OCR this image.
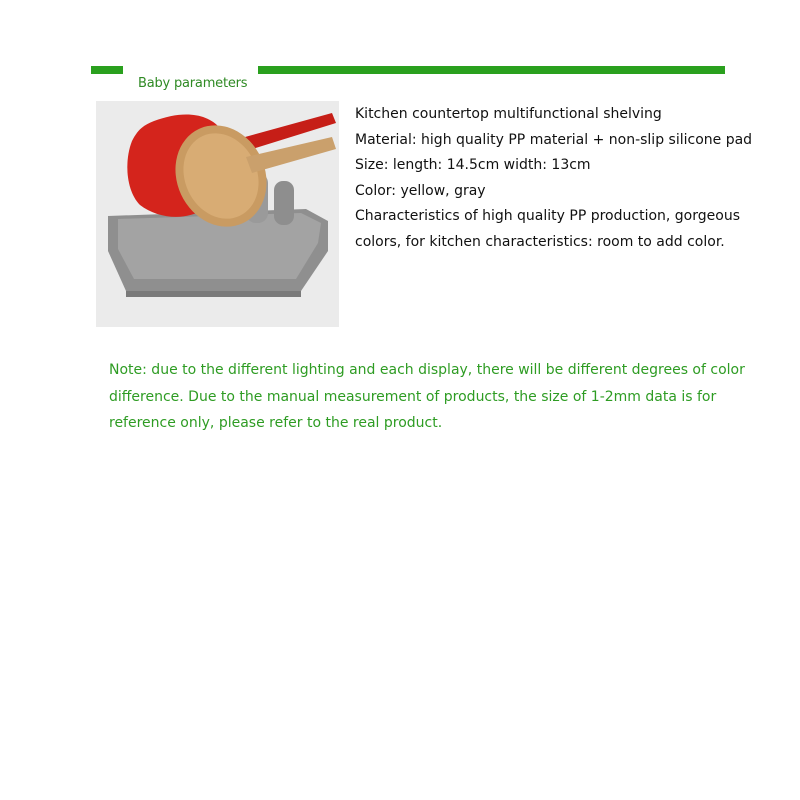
Baby parameters
Kitchen countertop multifunctional shelving
Material: high quality PP material + non-slip silicone pad
Size: length: 14.5cm width: 13cm
Color: yellow, gray
Characteristics of high quality PP production, gorgeous colors, for kitchen characteristics: room to add color.
Note: due to the different lighting and each display, there will be different degrees of color difference. Due to the manual measurement of products, the size of 1-2mm data is for reference only, please refer to the real product.
